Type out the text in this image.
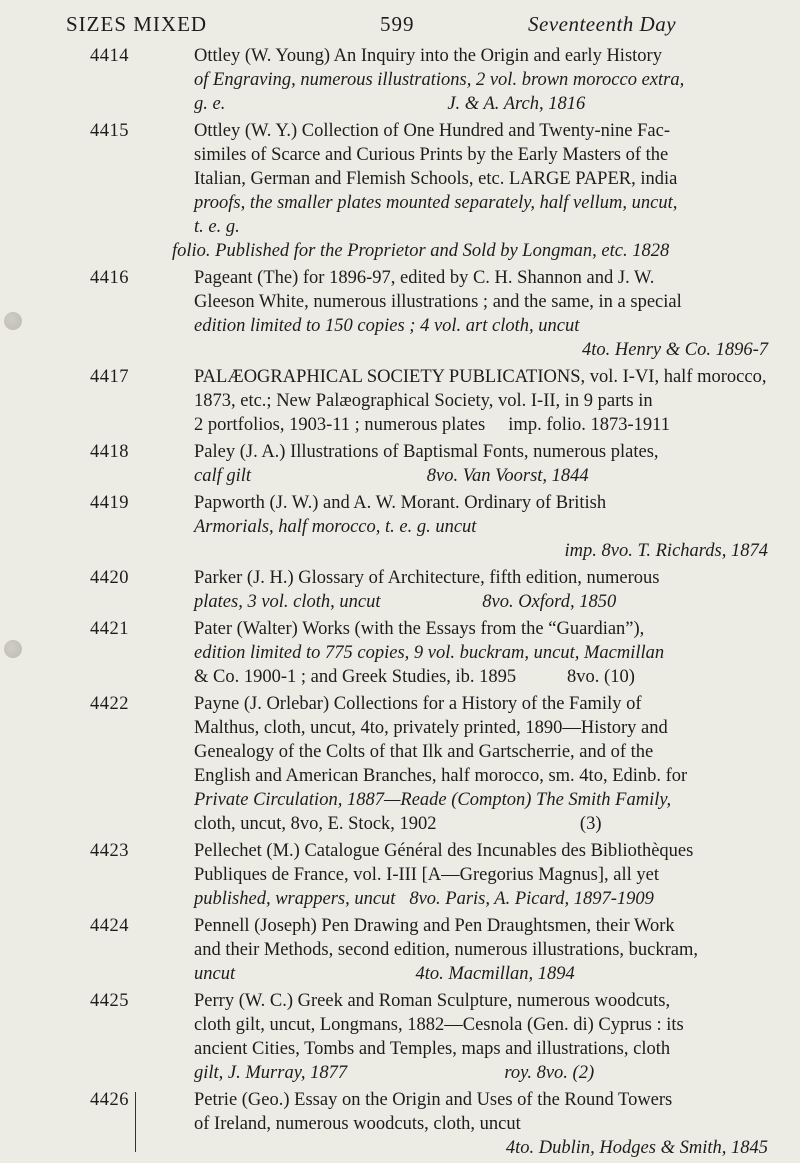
SIZES MIXED	599	Seventeenth Day
4414	Ottley (W. Young) An Inquiry into the Origin and early History
of Engraving, numerous illustrations, 2 vol. brown morocco extra,
g. e.                                                J. & A. Arch, 1816
4415	Ottley (W. Y.) Collection of One Hundred and Twenty-nine Fac-
similes of Scarce and Curious Prints by the Early Masters of the
Italian, German and Flemish Schools, etc. LARGE PAPER, india
proofs, the smaller plates mounted separately, half vellum, uncut,
t. e. g.
folio. Published for the Proprietor and Sold by Longman, etc. 1828
4416	Pageant (The) for 1896-97, edited by C. H. Shannon and J. W.
Gleeson White, numerous illustrations ; and the same, in a special
edition limited to 150 copies ; 4 vol. art cloth, uncut
4to. Henry & Co. 1896-7
4417	PALÆOGRAPHICAL SOCIETY PUBLICATIONS, vol. I-VI, half morocco,
1873, etc.; New Palæographical Society, vol. I-II, in 9 parts in
2 portfolios, 1903-11 ; numerous plates     imp. folio. 1873-1911
4418	Paley (J. A.) Illustrations of Baptismal Fonts, numerous plates,
calf gilt                                      8vo. Van Voorst, 1844
4419	Papworth (J. W.) and A. W. Morant. Ordinary of British
Armorials, half morocco, t. e. g. uncut
imp. 8vo. T. Richards, 1874
4420	Parker (J. H.) Glossary of Architecture, fifth edition, numerous
plates, 3 vol. cloth, uncut                      8vo. Oxford, 1850
4421	Pater (Walter) Works (with the Essays from the “Guardian”),
edition limited to 775 copies, 9 vol. buckram, uncut, Macmillan
& Co. 1900-1 ; and Greek Studies, ib. 1895           8vo. (10)
4422	Payne (J. Orlebar) Collections for a History of the Family of
Malthus, cloth, uncut, 4to, privately printed, 1890—History and
Genealogy of the Colts of that Ilk and Gartscherrie, and of the
English and American Branches, half morocco, sm. 4to, Edinb. for
Private Circulation, 1887—Reade (Compton) The Smith Family,
cloth, uncut, 8vo, E. Stock, 1902                               (3)
4423	Pellechet (M.) Catalogue Général des Incunables des Bibliothèques
Publiques de France, vol. I-III [A—Gregorius Magnus], all yet
published, wrappers, uncut   8vo. Paris, A. Picard, 1897-1909
4424	Pennell (Joseph) Pen Drawing and Pen Draughtsmen, their Work
and their Methods, second edition, numerous illustrations, buckram,
uncut                                       4to. Macmillan, 1894
4425	Perry (W. C.) Greek and Roman Sculpture, numerous woodcuts,
cloth gilt, uncut, Longmans, 1882—Cesnola (Gen. di) Cyprus : its
ancient Cities, Tombs and Temples, maps and illustrations, cloth
gilt, J. Murray, 1877                                  roy. 8vo. (2)
4426	Petrie (Geo.) Essay on the Origin and Uses of the Round Towers
of Ireland, numerous woodcuts, cloth, uncut
4to. Dublin, Hodges & Smith, 1845
